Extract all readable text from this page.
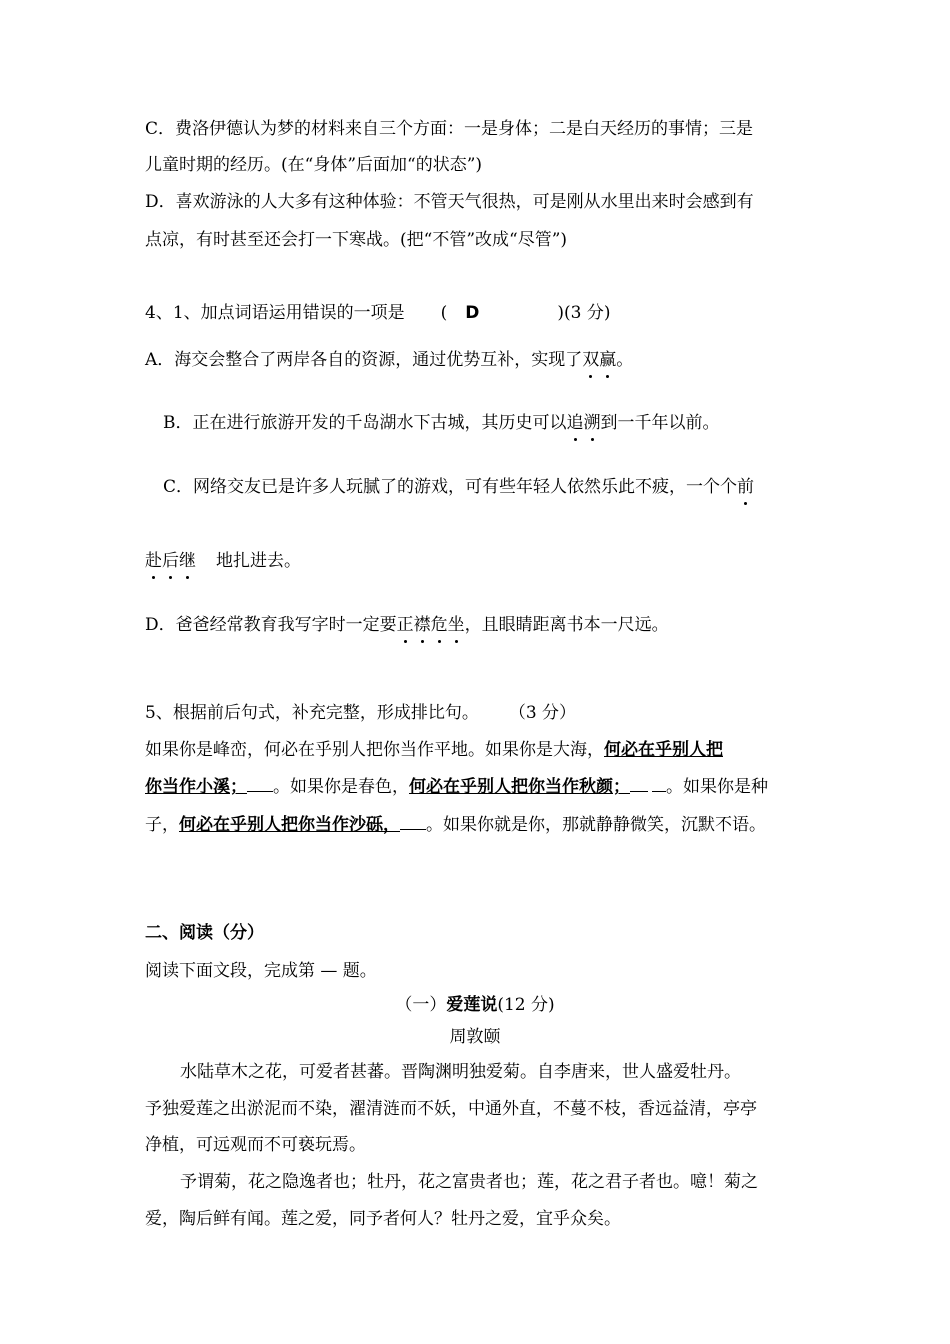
C．费洛伊德认为梦的材料来自三个方面：一是身体；二是白天经历的事情；三是
儿童时期的经历。(在“身体”后面加“的状态”)
D．喜欢游泳的人大多有这种体验：不管天气很热，可是刚从水里出来时会感到有
点凉，有时甚至还会打一下寒战。(把“不管”改成“尽管”)
4、1、加点词语运用错误的一项是 ( D	)(3 分)
A．海交会整合了两岸各自的资源，通过优势互补，实现了双赢。
B．正在进行旅游开发的千岛湖水下古城，其历史可以追溯到一千年以前。
C．网络交友已是许多人玩腻了的游戏，可有些年轻人依然乐此不疲，一个个前
赴后继 地扎进去。
D．爸爸经常教育我写字时一定要正襟危坐，且眼睛距离书本一尺远。
5、根据前后句式，补充完整，形成排比句。 （3 分）
如果你是峰峦，何必在乎别人把你当作平地。如果你是大海，何必在乎别人把
你当作小溪； 。如果你是春色，何必在乎别人把你当作秋颜； 。如果你是种
子，何必在乎别人把你当作沙砾， 。如果你就是你，那就静静微笑，沉默不语。
二、阅读（分）
阅读下面文段，完成第 — 题。
（一）爱莲说(12 分)
周敦颐
水陆草木之花，可爱者甚蕃。晋陶渊明独爱菊。自李唐来，世人盛爱牡丹。
予独爱莲之出淤泥而不染，濯清涟而不妖，中通外直，不蔓不枝，香远益清，亭亭
净植，可远观而不可亵玩焉。
予谓菊，花之隐逸者也；牡丹，花之富贵者也；莲，花之君子者也。噫！菊之
爱，陶后鲜有闻。莲之爱，同予者何人？牡丹之爱，宜乎众矣。
